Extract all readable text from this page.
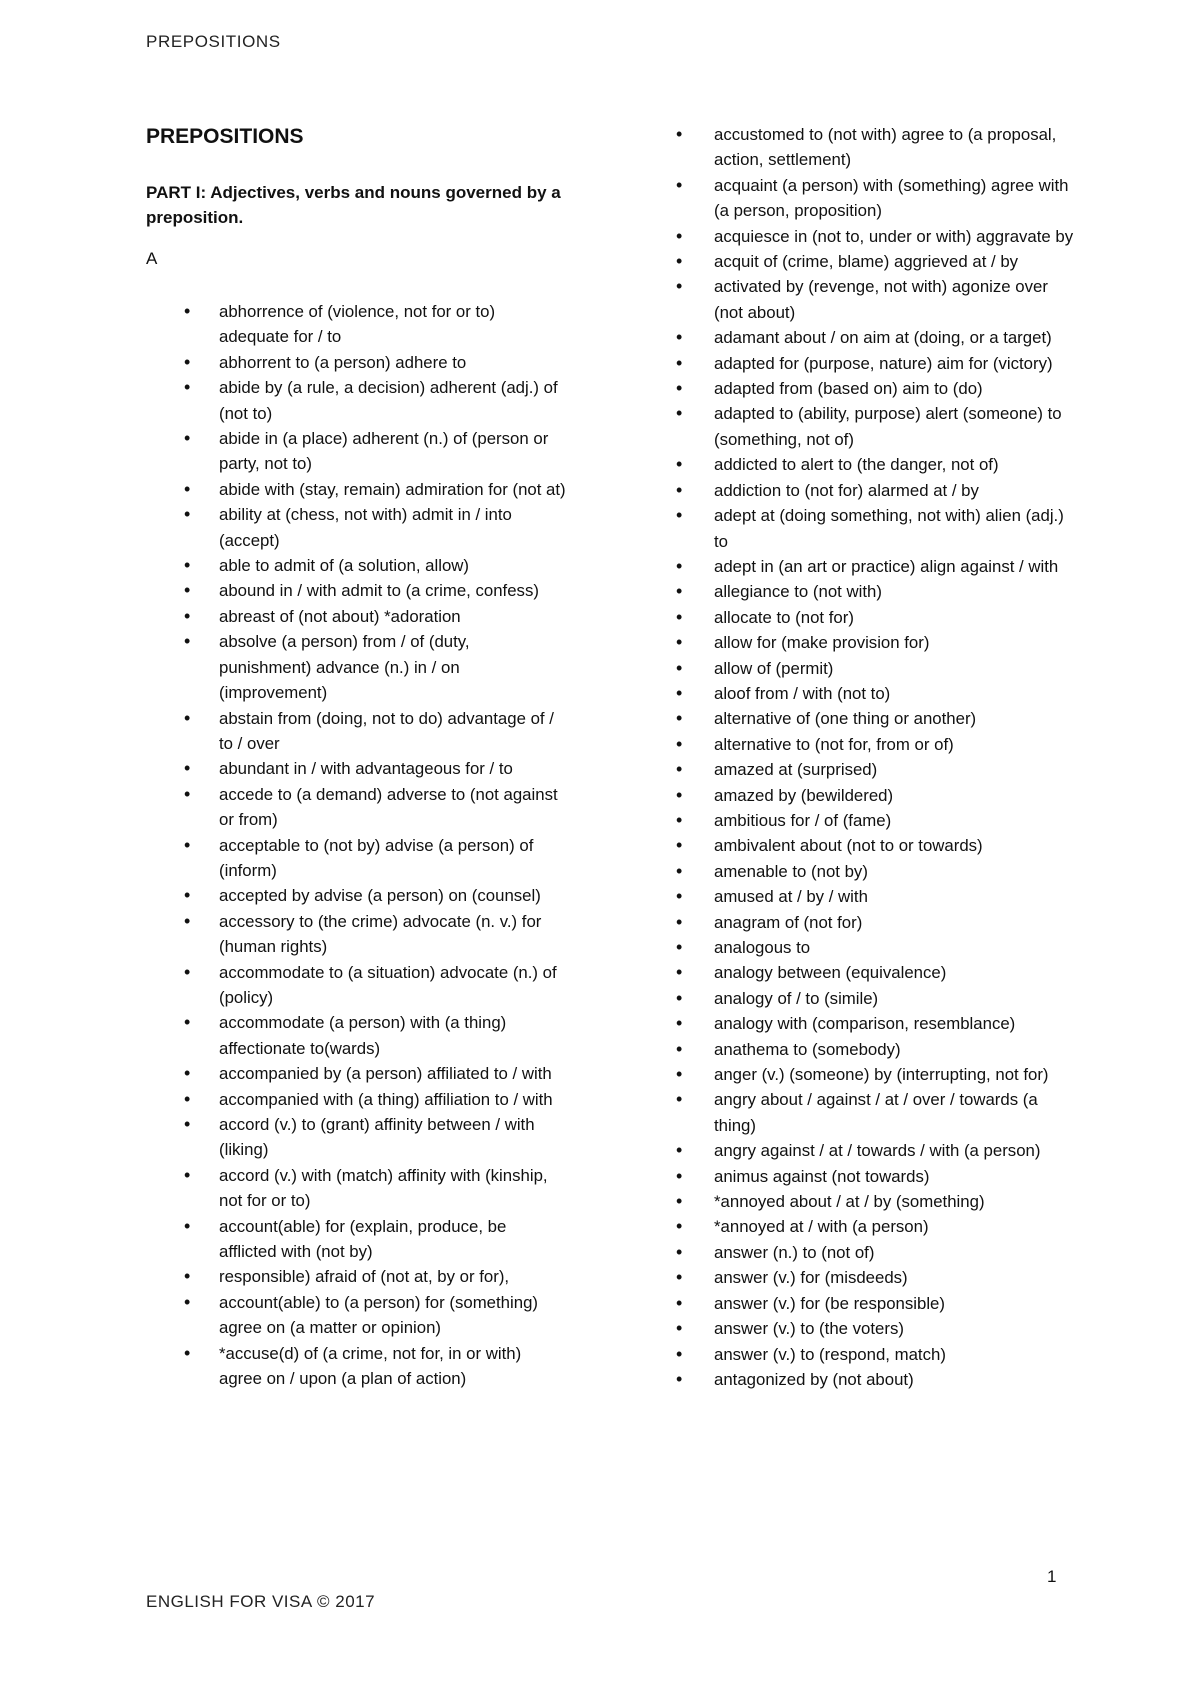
PREPOSITIONS
PREPOSITIONS
PART I: Adjectives, verbs and nouns governed by a preposition.
A
• abhorrence of (violence, not for or to) adequate for / to
• abhorrent to (a person) adhere to
• abide by (a rule, a decision) adherent (adj.) of (not to)
• abide in (a place) adherent (n.) of (person or party, not to)
• abide with (stay, remain) admiration for (not at)
• ability at (chess, not with) admit in / into (accept)
• able to admit of (a solution, allow)
• abound in / with admit to (a crime, confess)
• abreast of (not about) *adoration
• absolve (a person) from / of (duty, punishment) advance (n.) in / on (improvement)
• abstain from (doing, not to do) advantage of / to / over
• abundant in / with advantageous for / to
• accede to (a demand) adverse to (not against or from)
• acceptable to (not by) advise (a person) of (inform)
• accepted by advise (a person) on (counsel)
• accessory to (the crime) advocate (n. v.) for (human rights)
• accommodate to (a situation) advocate (n.) of (policy)
• accommodate (a person) with (a thing) affectionate to(wards)
• accompanied by (a person) affiliated to / with
• accompanied with (a thing) affiliation to / with
• accord (v.) to (grant) affinity between / with (liking)
• accord (v.) with (match) affinity with (kinship, not for or to)
• account(able) for (explain, produce, be afflicted with (not by)
• responsible) afraid of (not at, by or for),
• account(able) to (a person) for (something) agree on (a matter or opinion)
• *accuse(d) of (a crime, not for, in or with) agree on / upon (a plan of action)
• accustomed to (not with) agree to (a proposal, action, settlement)
• acquaint (a person) with (something) agree with (a person, proposition)
• acquiesce in (not to, under or with) aggravate by
• acquit of (crime, blame) aggrieved at / by
• activated by (revenge, not with) agonize over (not about)
• adamant about / on aim at (doing, or a target)
• adapted for (purpose, nature) aim for (victory)
• adapted from (based on) aim to (do)
• adapted to (ability, purpose) alert (someone) to (something, not of)
• addicted to alert to (the danger, not of)
• addiction to (not for) alarmed at / by
• adept at (doing something, not with) alien (adj.) to
• adept in (an art or practice) align against / with
• allegiance to (not with)
• allocate to (not for)
• allow for (make provision for)
• allow of (permit)
• aloof from / with (not to)
• alternative of (one thing or another)
• alternative to (not for, from or of)
• amazed at (surprised)
• amazed by (bewildered)
• ambitious for / of (fame)
• ambivalent about (not to or towards)
• amenable to (not by)
• amused at / by / with
• anagram of (not for)
• analogous to
• analogy between (equivalence)
• analogy of / to (simile)
• analogy with (comparison, resemblance)
• anathema to (somebody)
• anger (v.) (someone) by (interrupting, not for)
• angry about / against / at / over / towards (a thing)
• angry against / at / towards / with (a person)
• animus against (not towards)
• *annoyed about / at / by (something)
• *annoyed at / with (a person)
• answer (n.) to (not of)
• answer (v.) for (misdeeds)
• answer (v.) for (be responsible)
• answer (v.) to (the voters)
• answer (v.) to (respond, match)
• antagonized by (not about)
1
ENGLISH FOR VISA © 2017
